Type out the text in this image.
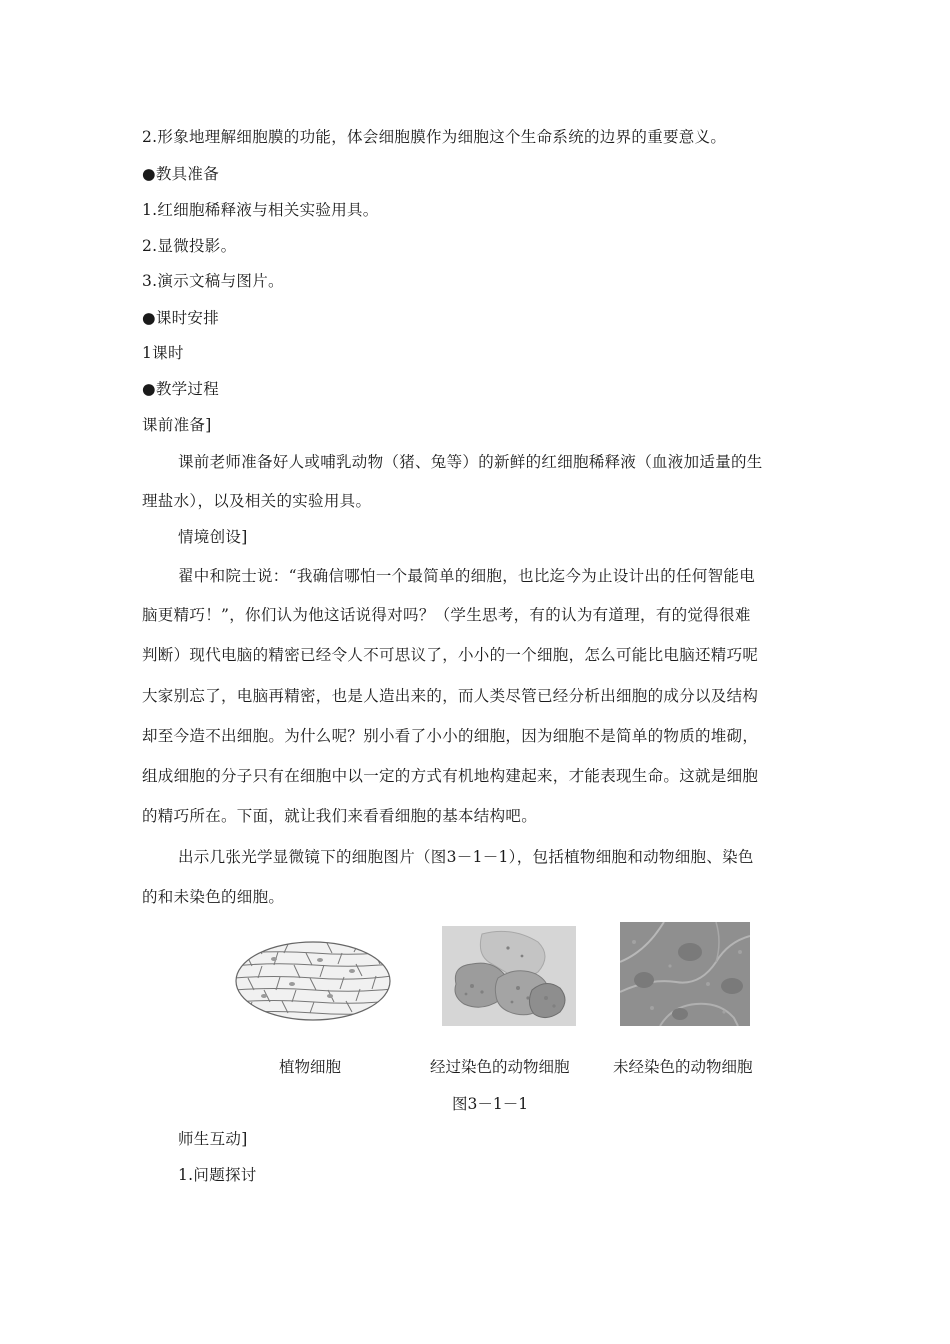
2.形象地理解细胞膜的功能，体会细胞膜作为细胞这个生命系统的边界的重要意义。
●教具准备
1.红细胞稀释液与相关实验用具。
2.显微投影。
3.演示文稿与图片。
●课时安排
1课时
●教学过程
课前准备]
课前老师准备好人或哺乳动物（猪、兔等）的新鲜的红细胞稀释液（血液加适量的生
理盐水），以及相关的实验用具。
情境创设]
翟中和院士说：“我确信哪怕一个最简单的细胞，也比迄今为止设计出的任何智能电
脑更精巧！”，你们认为他这话说得对吗？（学生思考，有的认为有道理，有的觉得很难
判断）现代电脑的精密已经令人不可思议了，小小的一个细胞，怎么可能比电脑还精巧呢
大家别忘了，电脑再精密，也是人造出来的，而人类尽管已经分析出细胞的成分以及结构
却至今造不出细胞。为什么呢？别小看了小小的细胞，因为细胞不是简单的物质的堆砌，
组成细胞的分子只有在细胞中以一定的方式有机地构建起来，才能表现生命。这就是细胞
的精巧所在。下面，就让我们来看看细胞的基本结构吧。
出示几张光学显微镜下的细胞图片（图3－1－1），包括植物细胞和动物细胞、染色
的和未染色的细胞。
植物细胞	经过染色的动物细胞	未经染色的动物细胞
图3－1－1
师生互动]
1.问题探讨
